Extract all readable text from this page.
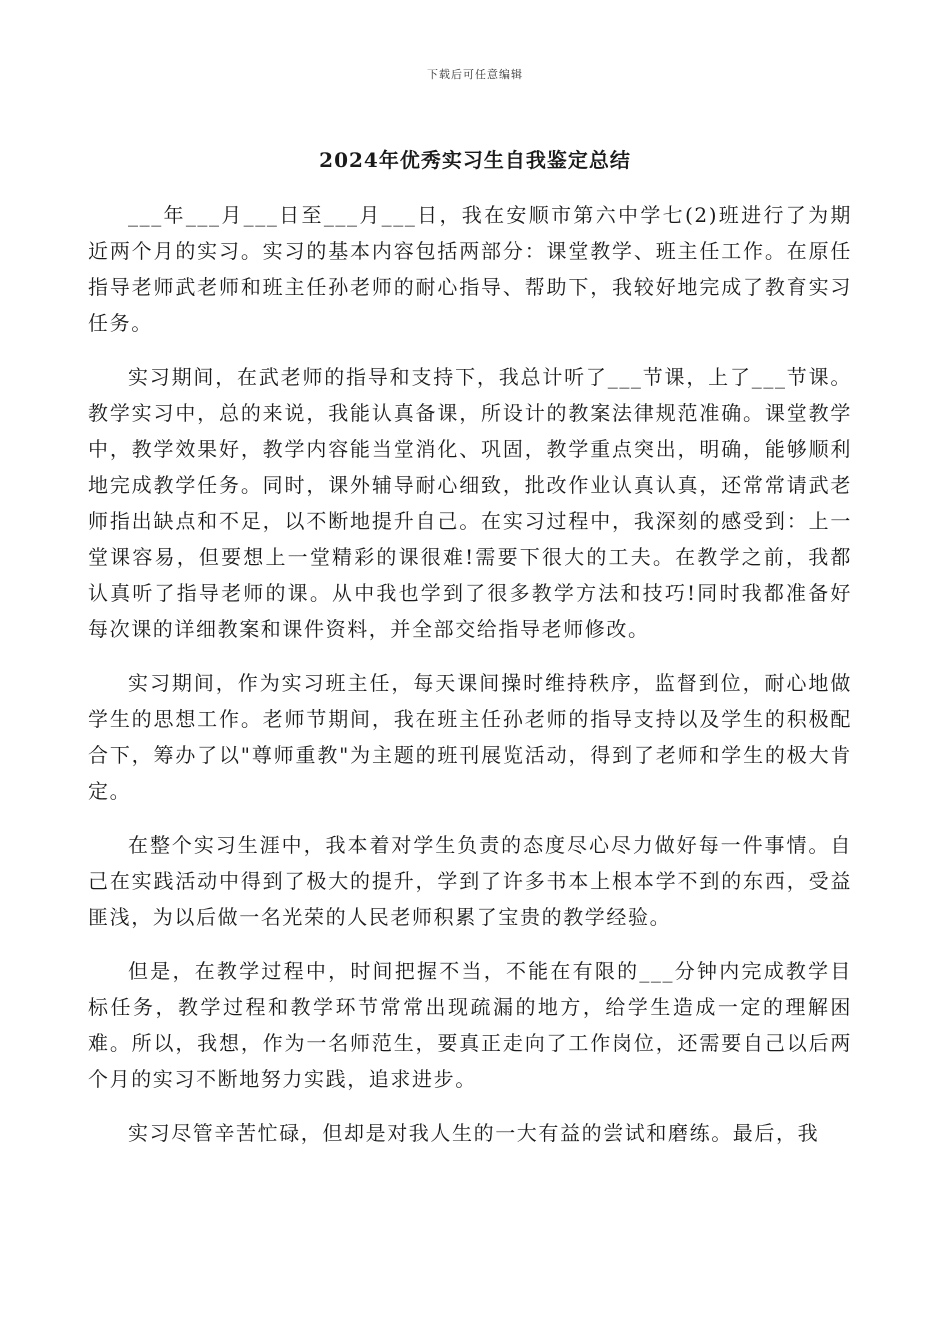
下载后可任意编辑
2024年优秀实习生自我鉴定总结

___年___月___日至___月___日，我在安顺市第六中学七(2)班进行了为期近两个月的实习。实习的基本内容包括两部分：课堂教学、班主任工作。在原任指导老师武老师和班主任孙老师的耐心指导、帮助下，我较好地完成了教育实习任务。

实习期间，在武老师的指导和支持下，我总计听了___节课，上了___节课。教学实习中，总的来说，我能认真备课，所设计的教案法律规范准确。课堂教学中，教学效果好，教学内容能当堂消化、巩固，教学重点突出，明确，能够顺利地完成教学任务。同时，课外辅导耐心细致，批改作业认真认真，还常常请武老师指出缺点和不足，以不断地提升自己。在实习过程中，我深刻的感受到：上一堂课容易，但要想上一堂精彩的课很难!需要下很大的工夫。在教学之前，我都认真听了指导老师的课。从中我也学到了很多教学方法和技巧!同时我都准备好每次课的详细教案和课件资料，并全部交给指导老师修改。

实习期间，作为实习班主任，每天课间操时维持秩序，监督到位，耐心地做学生的思想工作。老师节期间，我在班主任孙老师的指导支持以及学生的积极配合下，筹办了以"尊师重教"为主题的班刊展览活动，得到了老师和学生的极大肯定。

在整个实习生涯中，我本着对学生负责的态度尽心尽力做好每一件事情。自己在实践活动中得到了极大的提升，学到了许多书本上根本学不到的东西，受益匪浅，为以后做一名光荣的人民老师积累了宝贵的教学经验。

但是，在教学过程中，时间把握不当，不能在有限的___分钟内完成教学目标任务，教学过程和教学环节常常出现疏漏的地方，给学生造成一定的理解困难。所以，我想，作为一名师范生，要真正走向了工作岗位，还需要自己以后两个月的实习不断地努力实践，追求进步。

实习尽管辛苦忙碌，但却是对我人生的一大有益的尝试和磨练。最后，我
